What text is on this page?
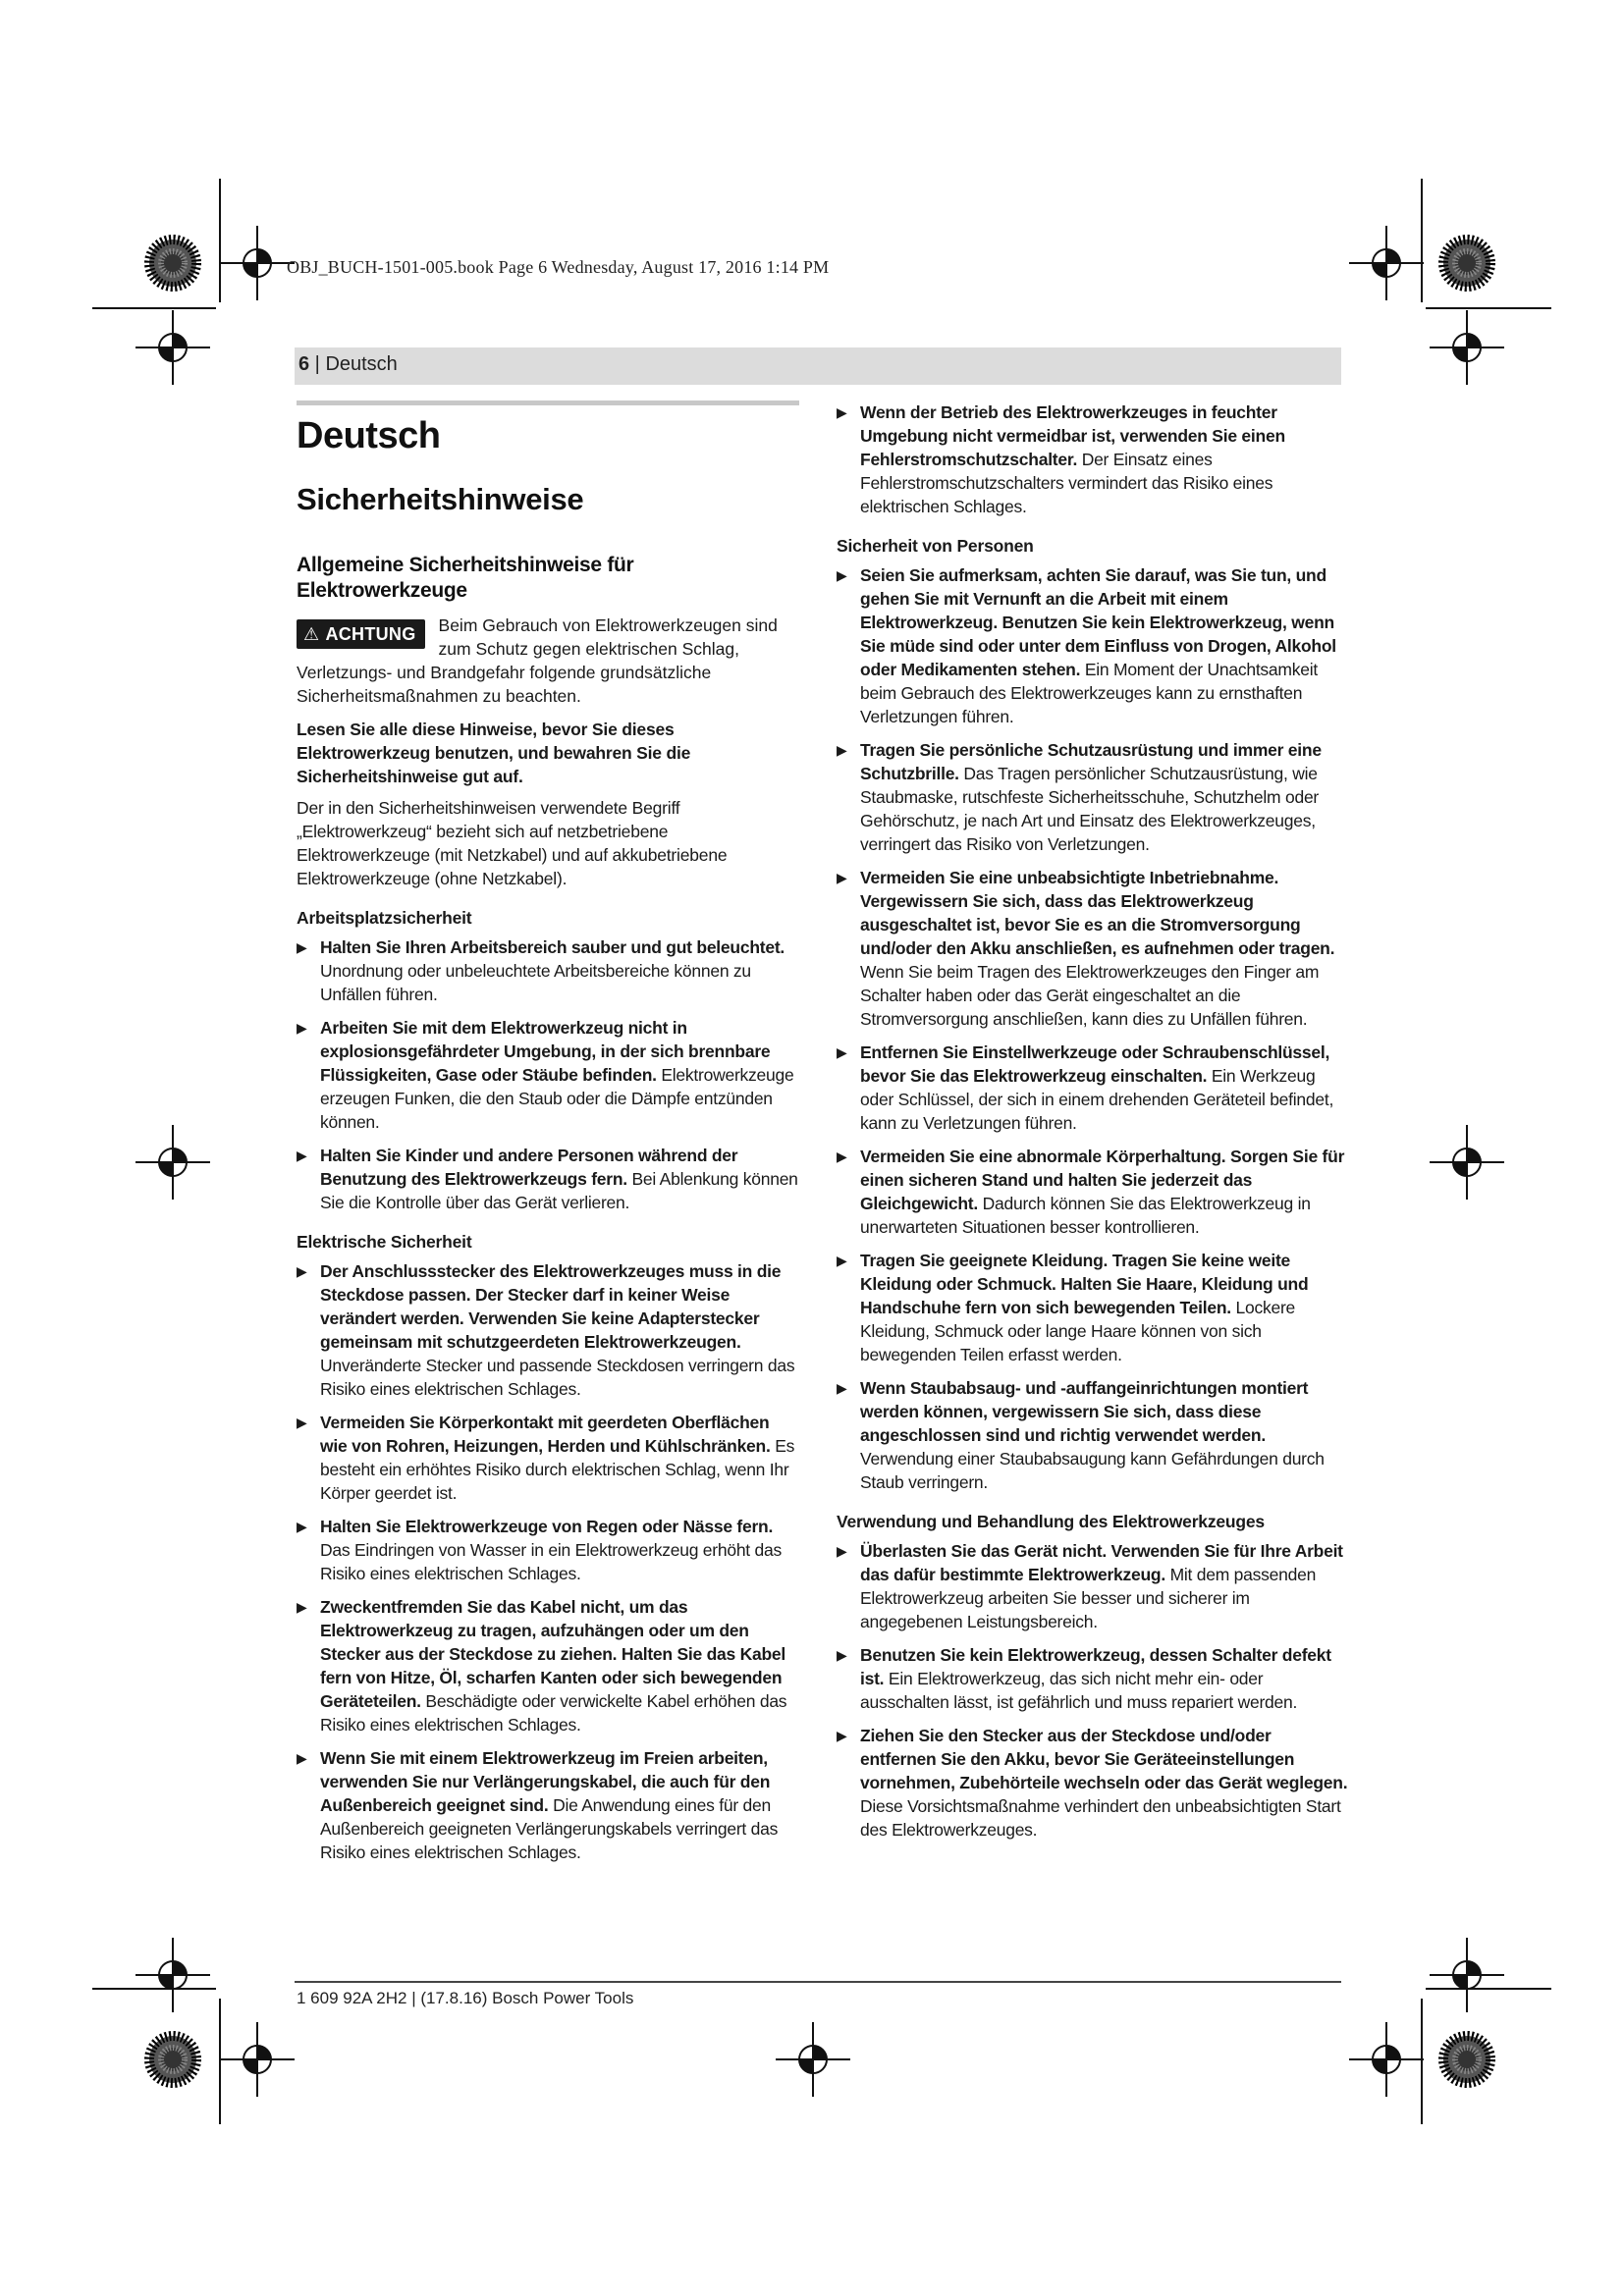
OBJ_BUCH-1501-005.book Page 6 Wednesday, August 17, 2016 1:14 PM
6 | Deutsch
Deutsch
Sicherheitshinweise
Allgemeine Sicherheitshinweise für Elektrowerkzeuge
⚠ ACHTUNG	Beim Gebrauch von Elektrowerkzeugen sind zum Schutz gegen elektrischen Schlag, Verletzungs- und Brandgefahr folgende grundsätzliche Sicherheitsmaßnahmen zu beachten.

Lesen Sie alle diese Hinweise, bevor Sie dieses Elektrowerkzeug benutzen, und bewahren Sie die Sicherheitshinweise gut auf.

Der in den Sicherheitshinweisen verwendete Begriff „Elektrowerkzeug“ bezieht sich auf netzbetriebene Elektrowerkzeuge (mit Netzkabel) und auf akkubetriebene Elektrowerkzeuge (ohne Netzkabel).

Arbeitsplatzsicherheit
▶ Halten Sie Ihren Arbeitsbereich sauber und gut beleuchtet. Unordnung oder unbeleuchtete Arbeitsbereiche können zu Unfällen führen.
▶ Arbeiten Sie mit dem Elektrowerkzeug nicht in explosionsgefährdeter Umgebung, in der sich brennbare Flüssigkeiten, Gase oder Stäube befinden. Elektrowerkzeuge erzeugen Funken, die den Staub oder die Dämpfe entzünden können.
▶ Halten Sie Kinder und andere Personen während der Benutzung des Elektrowerkzeugs fern. Bei Ablenkung können Sie die Kontrolle über das Gerät verlieren.
Elektrische Sicherheit
▶ Der Anschlussstecker des Elektrowerkzeuges muss in die Steckdose passen. Der Stecker darf in keiner Weise verändert werden. Verwenden Sie keine Adapterstecker gemeinsam mit schutzgeerdeten Elektrowerkzeugen. Unveränderte Stecker und passende Steckdosen verringern das Risiko eines elektrischen Schlages.
▶ Vermeiden Sie Körperkontakt mit geerdeten Oberflächen wie von Rohren, Heizungen, Herden und Kühlschränken. Es besteht ein erhöhtes Risiko durch elektrischen Schlag, wenn Ihr Körper geerdet ist.
▶ Halten Sie Elektrowerkzeuge von Regen oder Nässe fern. Das Eindringen von Wasser in ein Elektrowerkzeug erhöht das Risiko eines elektrischen Schlages.
▶ Zweckentfremden Sie das Kabel nicht, um das Elektrowerkzeug zu tragen, aufzuhängen oder um den Stecker aus der Steckdose zu ziehen. Halten Sie das Kabel fern von Hitze, Öl, scharfen Kanten oder sich bewegenden Geräteteilen. Beschädigte oder verwickelte Kabel erhöhen das Risiko eines elektrischen Schlages.
▶ Wenn Sie mit einem Elektrowerkzeug im Freien arbeiten, verwenden Sie nur Verlängerungskabel, die auch für den Außenbereich geeignet sind. Die Anwendung eines für den Außenbereich geeigneten Verlängerungskabels verringert das Risiko eines elektrischen Schlages.
▶ Wenn der Betrieb des Elektrowerkzeuges in feuchter Umgebung nicht vermeidbar ist, verwenden Sie einen Fehlerstromschutzschalter. Der Einsatz eines Fehlerstromschutzschalters vermindert das Risiko eines elektrischen Schlages.
Sicherheit von Personen
▶ Seien Sie aufmerksam, achten Sie darauf, was Sie tun, und gehen Sie mit Vernunft an die Arbeit mit einem Elektrowerkzeug. Benutzen Sie kein Elektrowerkzeug, wenn Sie müde sind oder unter dem Einfluss von Drogen, Alkohol oder Medikamenten stehen. Ein Moment der Unachtsamkeit beim Gebrauch des Elektrowerkzeuges kann zu ernsthaften Verletzungen führen.
▶ Tragen Sie persönliche Schutzausrüstung und immer eine Schutzbrille. Das Tragen persönlicher Schutzausrüstung, wie Staubmaske, rutschfeste Sicherheitsschuhe, Schutzhelm oder Gehörschutz, je nach Art und Einsatz des Elektrowerkzeuges, verringert das Risiko von Verletzungen.
▶ Vermeiden Sie eine unbeabsichtigte Inbetriebnahme. Vergewissern Sie sich, dass das Elektrowerkzeug ausgeschaltet ist, bevor Sie es an die Stromversorgung und/oder den Akku anschließen, es aufnehmen oder tragen. Wenn Sie beim Tragen des Elektrowerkzeuges den Finger am Schalter haben oder das Gerät eingeschaltet an die Stromversorgung anschließen, kann dies zu Unfällen führen.
▶ Entfernen Sie Einstellwerkzeuge oder Schraubenschlüssel, bevor Sie das Elektrowerkzeug einschalten. Ein Werkzeug oder Schlüssel, der sich in einem drehenden Geräteteil befindet, kann zu Verletzungen führen.
▶ Vermeiden Sie eine abnormale Körperhaltung. Sorgen Sie für einen sicheren Stand und halten Sie jederzeit das Gleichgewicht. Dadurch können Sie das Elektrowerkzeug in unerwarteten Situationen besser kontrollieren.
▶ Tragen Sie geeignete Kleidung. Tragen Sie keine weite Kleidung oder Schmuck. Halten Sie Haare, Kleidung und Handschuhe fern von sich bewegenden Teilen. Lockere Kleidung, Schmuck oder lange Haare können von sich bewegenden Teilen erfasst werden.
▶ Wenn Staubabsaug- und -auffangeinrichtungen montiert werden können, vergewissern Sie sich, dass diese angeschlossen sind und richtig verwendet werden. Verwendung einer Staubabsaugung kann Gefährdungen durch Staub verringern.
Verwendung und Behandlung des Elektrowerkzeuges
▶ Überlasten Sie das Gerät nicht. Verwenden Sie für Ihre Arbeit das dafür bestimmte Elektrowerkzeug. Mit dem passenden Elektrowerkzeug arbeiten Sie besser und sicherer im angegebenen Leistungsbereich.
▶ Benutzen Sie kein Elektrowerkzeug, dessen Schalter defekt ist. Ein Elektrowerkzeug, das sich nicht mehr ein- oder ausschalten lässt, ist gefährlich und muss repariert werden.
▶ Ziehen Sie den Stecker aus der Steckdose und/oder entfernen Sie den Akku, bevor Sie Geräteeinstellungen vornehmen, Zubehörteile wechseln oder das Gerät weglegen. Diese Vorsichtsmaßnahme verhindert den unbeabsichtigten Start des Elektrowerkzeuges.
1 609 92A 2H2 | (17.8.16) Bosch Power Tools
